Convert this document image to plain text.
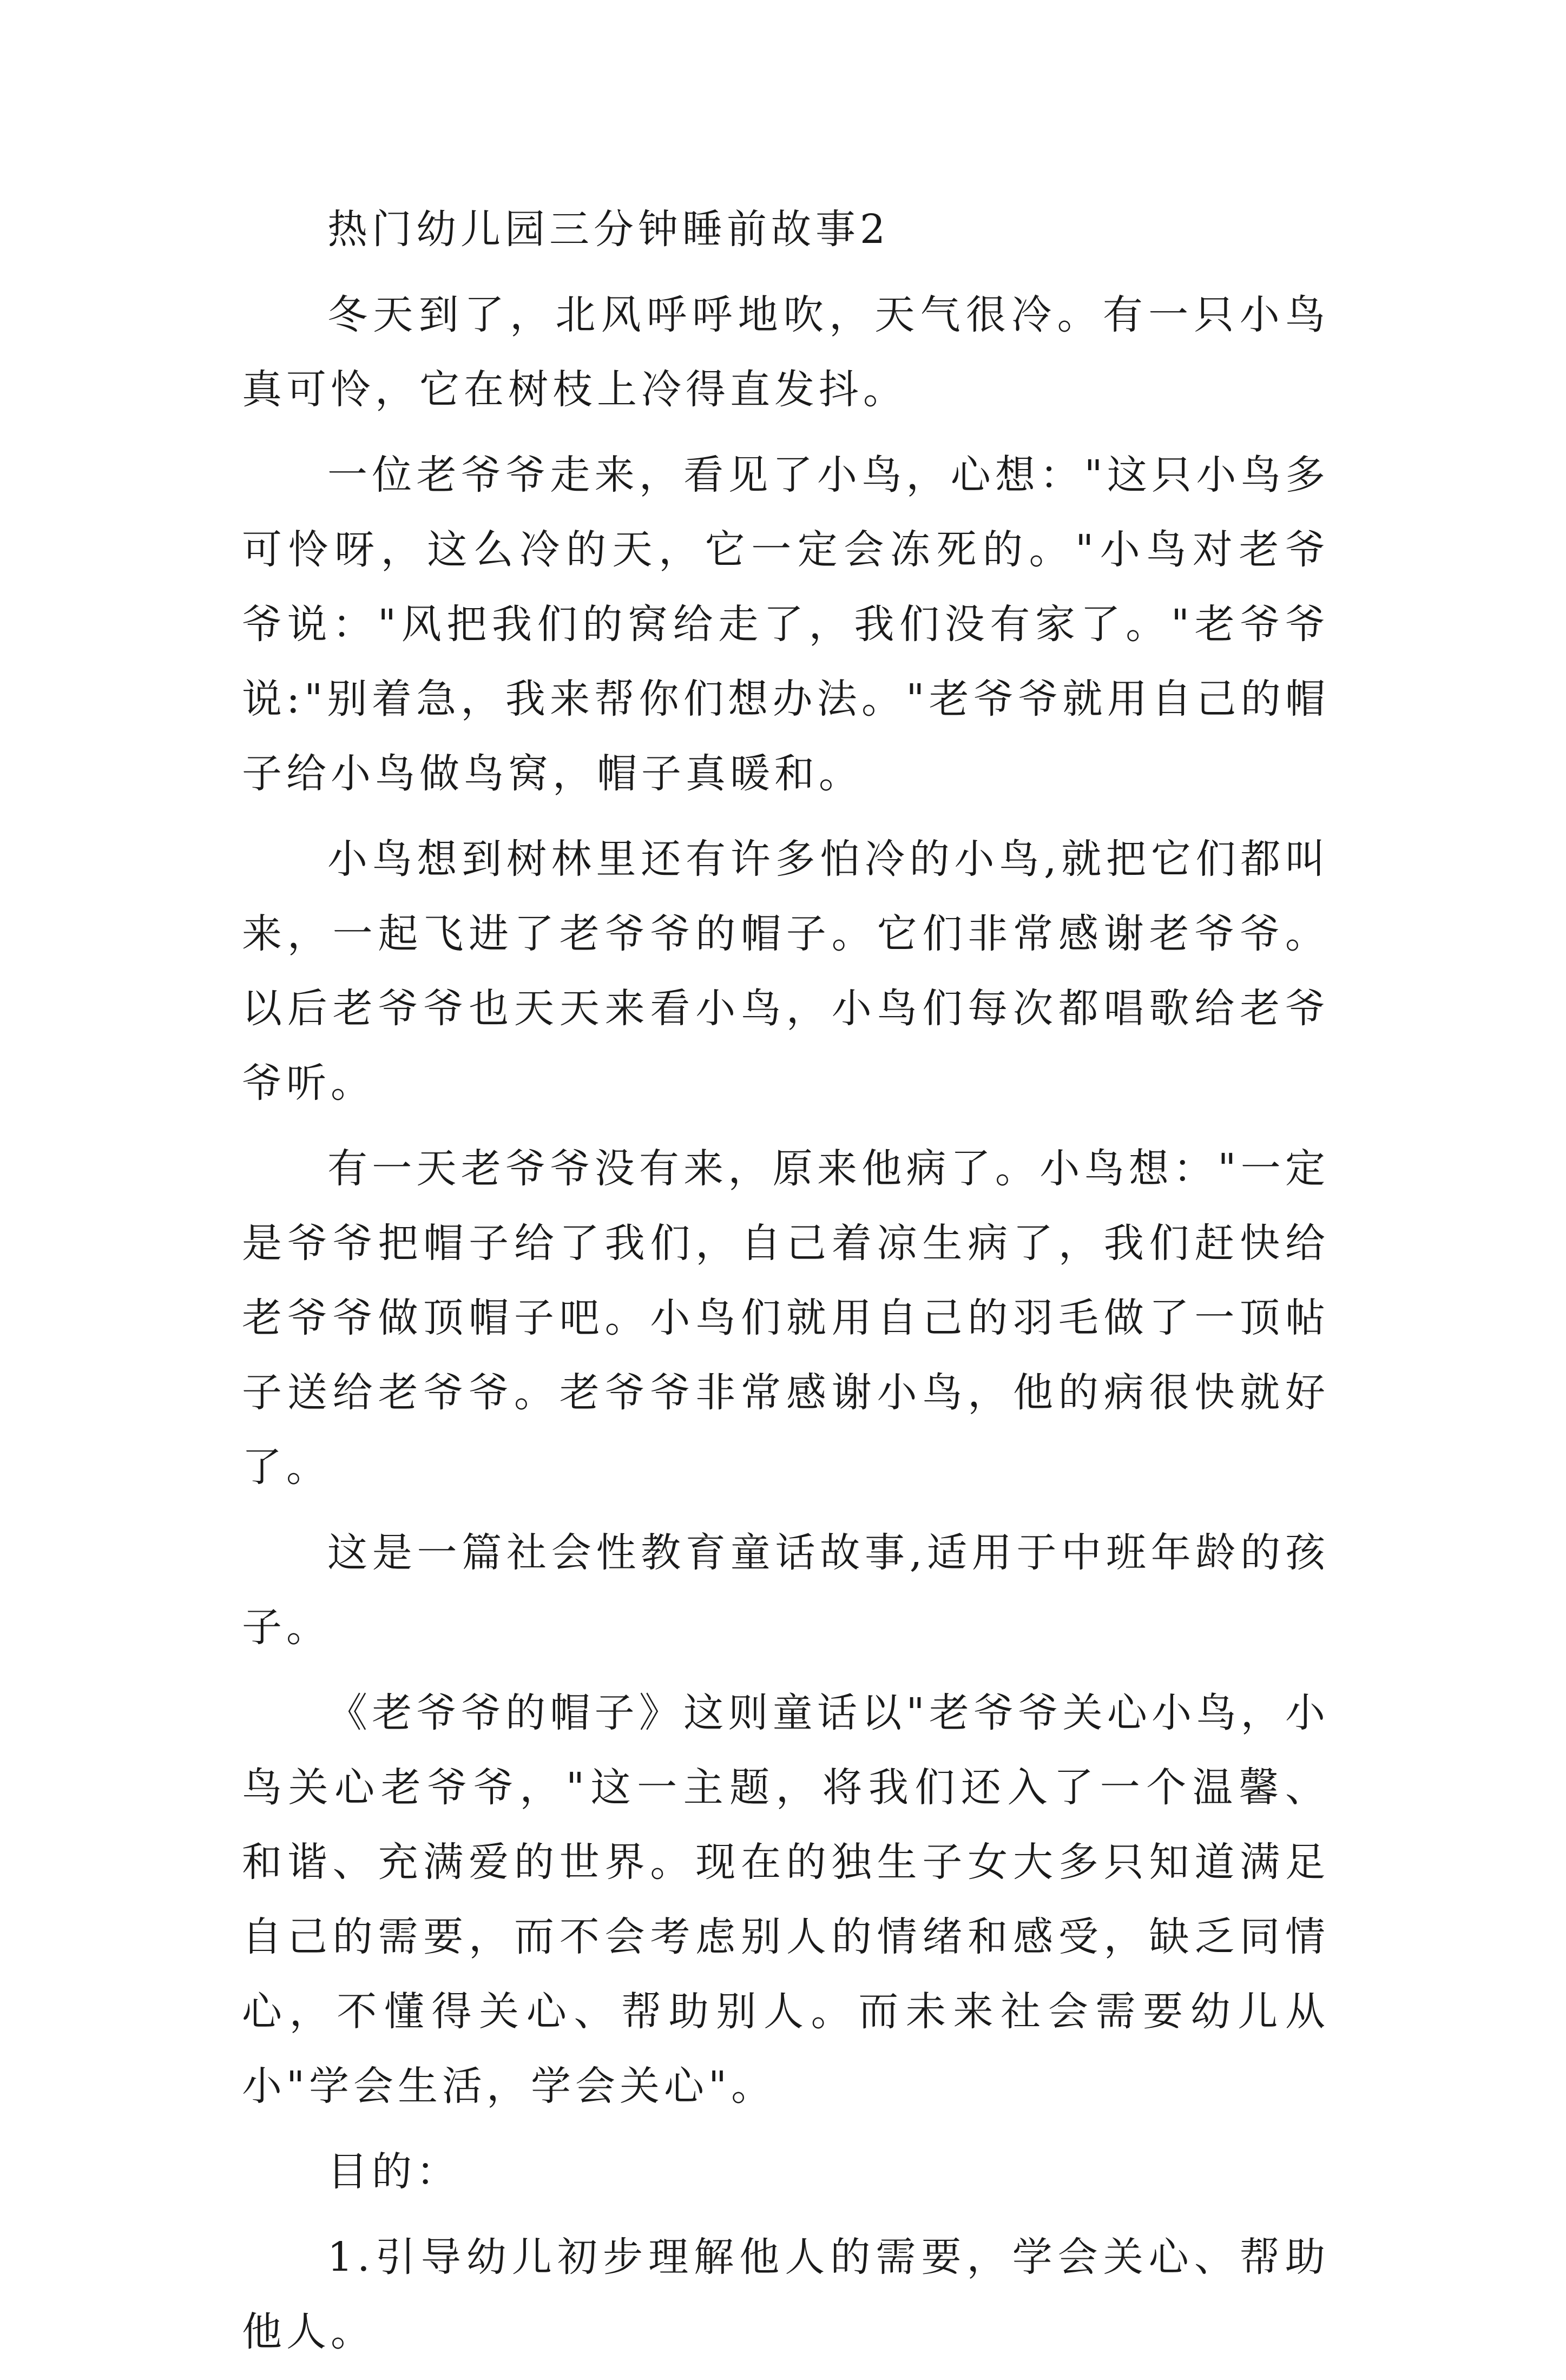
热门幼儿园三分钟睡前故事2

冬天到了，北风呼呼地吹，天气很冷。有一只小鸟真可怜，它在树枝上冷得直发抖。

一位老爷爷走来，看见了小鸟，心想："这只小鸟多可怜呀，这么冷的天，它一定会冻死的。"小鸟对老爷爷说："风把我们的窝给走了，我们没有家了。"老爷爷说:"别着急，我来帮你们想办法。"老爷爷就用自己的帽子给小鸟做鸟窝，帽子真暖和。

小鸟想到树林里还有许多怕冷的小鸟,就把它们都叫来，一起飞进了老爷爷的帽子。它们非常感谢老爷爷。以后老爷爷也天天来看小鸟，小鸟们每次都唱歌给老爷爷听。

有一天老爷爷没有来，原来他病了。小鸟想："一定是爷爷把帽子给了我们，自己着凉生病了，我们赶快给老爷爷做顶帽子吧。小鸟们就用自己的羽毛做了一顶帖子送给老爷爷。老爷爷非常感谢小鸟，他的病很快就好了。

这是一篇社会性教育童话故事,适用于中班年龄的孩子。

《老爷爷的帽子》这则童话以"老爷爷关心小鸟，小鸟关心老爷爷，"这一主题，将我们还入了一个温馨、和谐、充满爱的世界。现在的独生子女大多只知道满足自己的需要，而不会考虑别人的情绪和感受，缺乏同情心，不懂得关心、帮助别人。而未来社会需要幼儿从小"学会生活，学会关心"。

目的：

1.引导幼儿初步理解他人的需要，学会关心、帮助他人。
